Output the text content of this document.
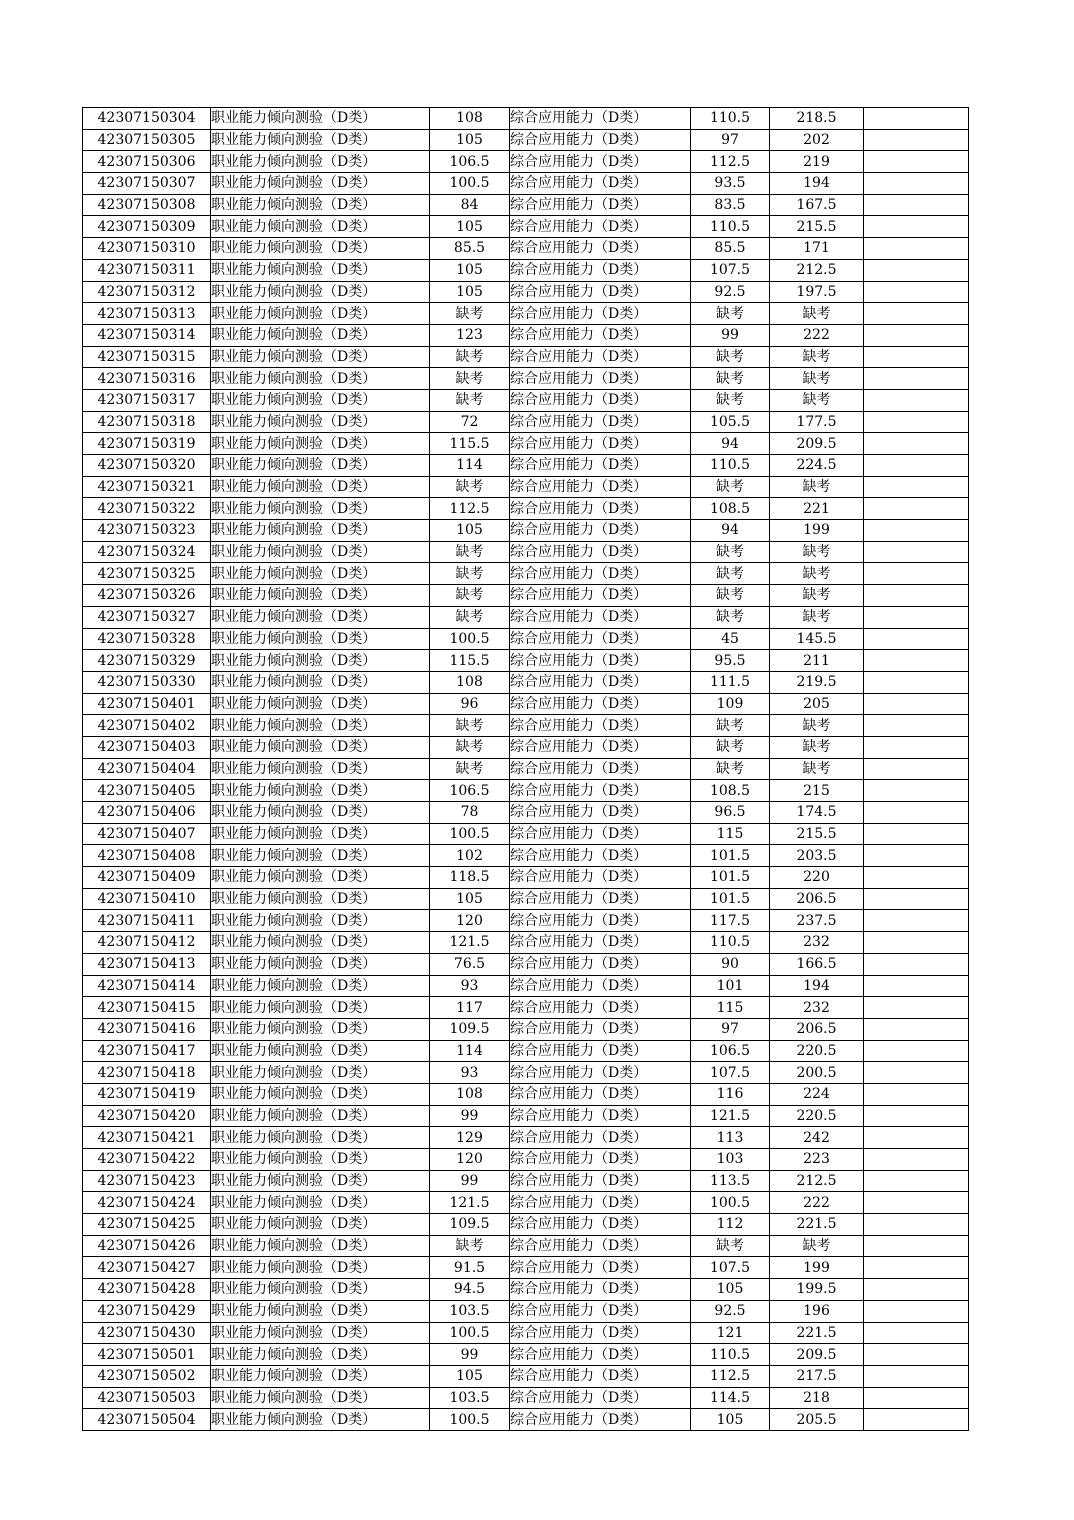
42307150304	职业能力倾向测验（D类）	108	综合应用能力（D类）	110.5	218.5	
42307150305	职业能力倾向测验（D类）	105	综合应用能力（D类）	97	202	
42307150306	职业能力倾向测验（D类）	106.5	综合应用能力（D类）	112.5	219	
42307150307	职业能力倾向测验（D类）	100.5	综合应用能力（D类）	93.5	194	
42307150308	职业能力倾向测验（D类）	84	综合应用能力（D类）	83.5	167.5	
42307150309	职业能力倾向测验（D类）	105	综合应用能力（D类）	110.5	215.5	
42307150310	职业能力倾向测验（D类）	85.5	综合应用能力（D类）	85.5	171	
42307150311	职业能力倾向测验（D类）	105	综合应用能力（D类）	107.5	212.5	
42307150312	职业能力倾向测验（D类）	105	综合应用能力（D类）	92.5	197.5	
42307150313	职业能力倾向测验（D类）	缺考	综合应用能力（D类）	缺考	缺考	
42307150314	职业能力倾向测验（D类）	123	综合应用能力（D类）	99	222	
42307150315	职业能力倾向测验（D类）	缺考	综合应用能力（D类）	缺考	缺考	
42307150316	职业能力倾向测验（D类）	缺考	综合应用能力（D类）	缺考	缺考	
42307150317	职业能力倾向测验（D类）	缺考	综合应用能力（D类）	缺考	缺考	
42307150318	职业能力倾向测验（D类）	72	综合应用能力（D类）	105.5	177.5	
42307150319	职业能力倾向测验（D类）	115.5	综合应用能力（D类）	94	209.5	
42307150320	职业能力倾向测验（D类）	114	综合应用能力（D类）	110.5	224.5	
42307150321	职业能力倾向测验（D类）	缺考	综合应用能力（D类）	缺考	缺考	
42307150322	职业能力倾向测验（D类）	112.5	综合应用能力（D类）	108.5	221	
42307150323	职业能力倾向测验（D类）	105	综合应用能力（D类）	94	199	
42307150324	职业能力倾向测验（D类）	缺考	综合应用能力（D类）	缺考	缺考	
42307150325	职业能力倾向测验（D类）	缺考	综合应用能力（D类）	缺考	缺考	
42307150326	职业能力倾向测验（D类）	缺考	综合应用能力（D类）	缺考	缺考	
42307150327	职业能力倾向测验（D类）	缺考	综合应用能力（D类）	缺考	缺考	
42307150328	职业能力倾向测验（D类）	100.5	综合应用能力（D类）	45	145.5	
42307150329	职业能力倾向测验（D类）	115.5	综合应用能力（D类）	95.5	211	
42307150330	职业能力倾向测验（D类）	108	综合应用能力（D类）	111.5	219.5	
42307150401	职业能力倾向测验（D类）	96	综合应用能力（D类）	109	205	
42307150402	职业能力倾向测验（D类）	缺考	综合应用能力（D类）	缺考	缺考	
42307150403	职业能力倾向测验（D类）	缺考	综合应用能力（D类）	缺考	缺考	
42307150404	职业能力倾向测验（D类）	缺考	综合应用能力（D类）	缺考	缺考	
42307150405	职业能力倾向测验（D类）	106.5	综合应用能力（D类）	108.5	215	
42307150406	职业能力倾向测验（D类）	78	综合应用能力（D类）	96.5	174.5	
42307150407	职业能力倾向测验（D类）	100.5	综合应用能力（D类）	115	215.5	
42307150408	职业能力倾向测验（D类）	102	综合应用能力（D类）	101.5	203.5	
42307150409	职业能力倾向测验（D类）	118.5	综合应用能力（D类）	101.5	220	
42307150410	职业能力倾向测验（D类）	105	综合应用能力（D类）	101.5	206.5	
42307150411	职业能力倾向测验（D类）	120	综合应用能力（D类）	117.5	237.5	
42307150412	职业能力倾向测验（D类）	121.5	综合应用能力（D类）	110.5	232	
42307150413	职业能力倾向测验（D类）	76.5	综合应用能力（D类）	90	166.5	
42307150414	职业能力倾向测验（D类）	93	综合应用能力（D类）	101	194	
42307150415	职业能力倾向测验（D类）	117	综合应用能力（D类）	115	232	
42307150416	职业能力倾向测验（D类）	109.5	综合应用能力（D类）	97	206.5	
42307150417	职业能力倾向测验（D类）	114	综合应用能力（D类）	106.5	220.5	
42307150418	职业能力倾向测验（D类）	93	综合应用能力（D类）	107.5	200.5	
42307150419	职业能力倾向测验（D类）	108	综合应用能力（D类）	116	224	
42307150420	职业能力倾向测验（D类）	99	综合应用能力（D类）	121.5	220.5	
42307150421	职业能力倾向测验（D类）	129	综合应用能力（D类）	113	242	
42307150422	职业能力倾向测验（D类）	120	综合应用能力（D类）	103	223	
42307150423	职业能力倾向测验（D类）	99	综合应用能力（D类）	113.5	212.5	
42307150424	职业能力倾向测验（D类）	121.5	综合应用能力（D类）	100.5	222	
42307150425	职业能力倾向测验（D类）	109.5	综合应用能力（D类）	112	221.5	
42307150426	职业能力倾向测验（D类）	缺考	综合应用能力（D类）	缺考	缺考	
42307150427	职业能力倾向测验（D类）	91.5	综合应用能力（D类）	107.5	199	
42307150428	职业能力倾向测验（D类）	94.5	综合应用能力（D类）	105	199.5	
42307150429	职业能力倾向测验（D类）	103.5	综合应用能力（D类）	92.5	196	
42307150430	职业能力倾向测验（D类）	100.5	综合应用能力（D类）	121	221.5	
42307150501	职业能力倾向测验（D类）	99	综合应用能力（D类）	110.5	209.5	
42307150502	职业能力倾向测验（D类）	105	综合应用能力（D类）	112.5	217.5	
42307150503	职业能力倾向测验（D类）	103.5	综合应用能力（D类）	114.5	218	
42307150504	职业能力倾向测验（D类）	100.5	综合应用能力（D类）	105	205.5	
